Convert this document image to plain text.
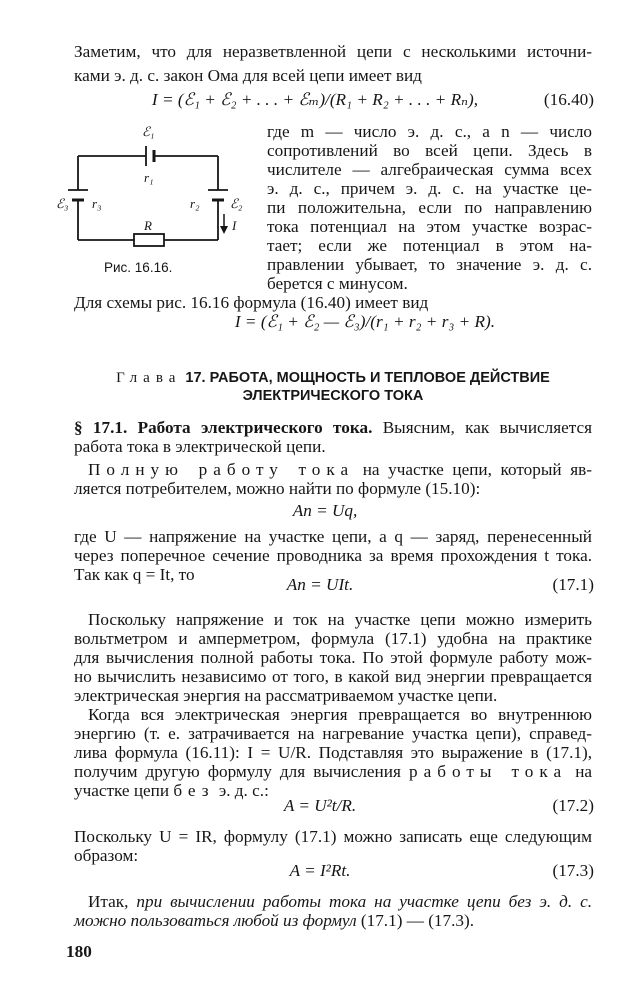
Заметим, что для неразветвленной цепи с несколькими источни-
ками э. д. с. закон Ома для всей цепи имеет вид
I = (ℰ₁ + ℰ₂ + . . . + ℰₘ)/(R₁ + R₂ + . . . + Rₙ),	(16.40)
ℰ₁
r₁
ℰ₃ r₃	r₂ ℰ₂
R	I
Рис. 16.16.
где m — число э. д. с., а n — число
сопротивлений во всей цепи. Здесь в
числителе — алгебраическая сумма всех
э. д. с., причем э. д. с. на участке це-
пи положительна, если по направлению
тока потенциал на этом участке возрас-
тает; если же потенциал в этом на-
правлении убывает, то значение э. д. с.
берется с минусом.
Для схемы рис. 16.16 формула (16.40) имеет вид
I = (ℰ₁ + ℰ₂ — ℰ₃)/(r₁ + r₂ + r₃ + R).
Глава 17. РАБОТА, МОЩНОСТЬ И ТЕПЛОВОЕ ДЕЙСТВИЕ
ЭЛЕКТРИЧЕСКОГО ТОКА
§ 17.1. Работа электрического тока. Выясним, как вычисляется
работа тока в электрической цепи.
Полную работу тока на участке цепи, который яв-
ляется потребителем, можно найти по формуле (15.10):
Aп = Uq,
где U — напряжение на участке цепи, а q — заряд, перенесенный
через поперечное сечение проводника за время прохождения t тока.
Так как q = It, то
Aп = UIt.	(17.1)
Поскольку напряжение и ток на участке цепи можно измерить
вольтметром и амперметром, формула (17.1) удобна на практике
для вычисления полной работы тока. По этой формуле работу мож-
но вычислить независимо от того, в какой вид энергии превращается
электрическая энергия на рассматриваемом участке цепи.
Когда вся электрическая энергия превращается во внутреннюю
энергию (т. е. затрачивается на нагревание участка цепи), справед-
лива формула (16.11): I = U/R. Подставляя это выражение в (17.1),
получим другую формулу для вычисления работы тока на
участке цепи без э. д. с.:
A = U²t/R.	(17.2)
Поскольку U = IR, формулу (17.1) можно записать еще следующим
образом:
A = I²Rt.	(17.3)
Итак, при вычислении работы тока на участке цепи без э. д. с.
можно пользоваться любой из формул (17.1) — (17.3).
180
